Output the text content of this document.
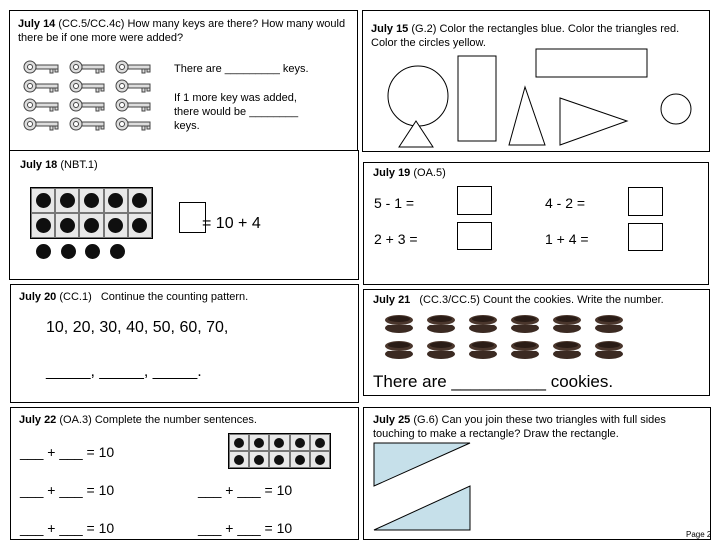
July 14 (CC.5/CC.4c) How many keys are there? How many would there be if one more were added?
There are _________ keys.
If 1 more key was added, there would be ________ keys.
July 15 (G.2) Color the rectangles blue. Color the triangles red. Color the circles yellow.
July 18 (NBT.1)
= 10 + 4
July 19 (OA.5)
5 - 1 =	4 - 2 =
2 + 3 =	1 + 4 =
July 20 (CC.1) Continue the counting pattern.
10, 20, 30, 40, 50, 60, 70,
_____, _____, _____.
July 21 (CC.3/CC.5) Count the cookies. Write the number.
There are __________ cookies.
July 22 (OA.3) Complete the number sentences.
___ + ___ = 10
___ + ___ = 10	___ + ___ = 10
___ + ___ = 10	___ + ___ = 10
July 25 (G.6) Can you join these two triangles with full sides touching to make a rectangle? Draw the rectangle.
Page 2
